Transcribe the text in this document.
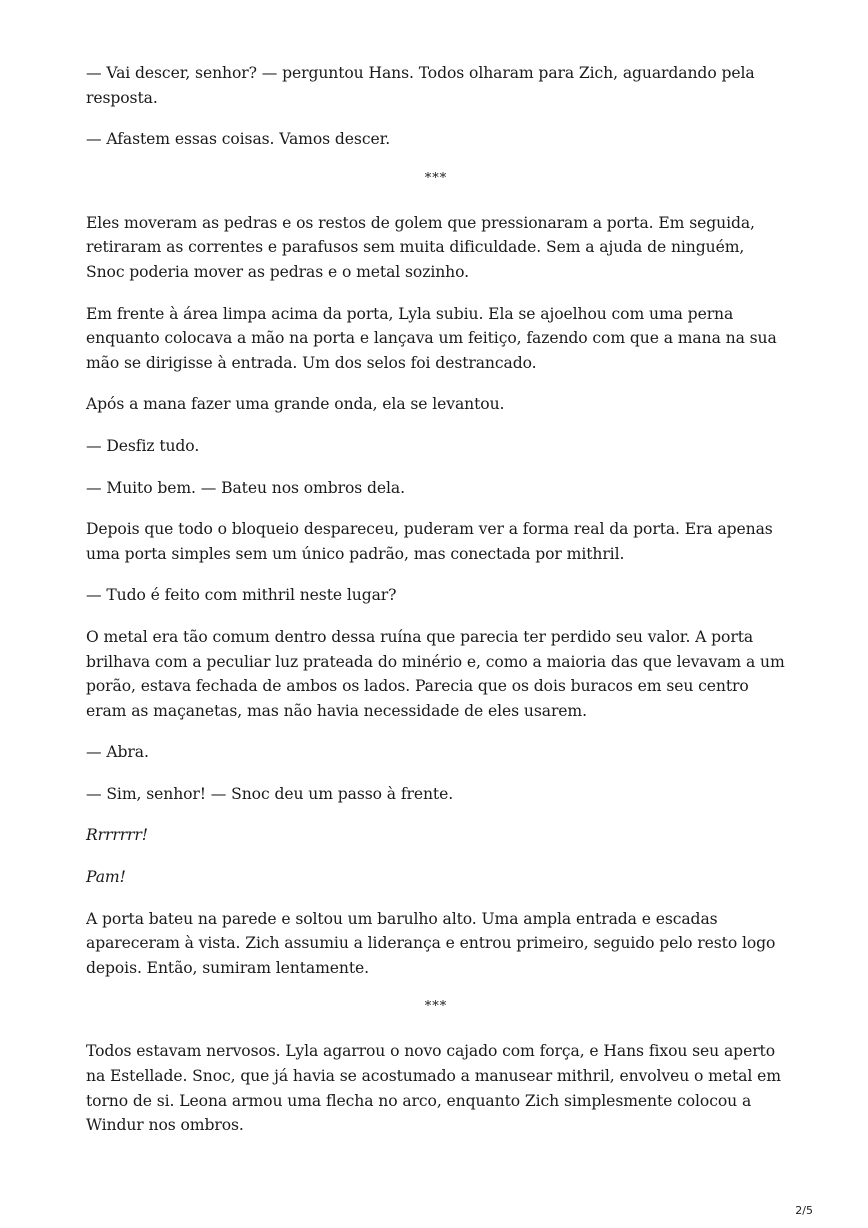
— Vai descer, senhor? — perguntou Hans. Todos olharam para Zich, aguardando pela resposta.

— Afastem essas coisas. Vamos descer.

***

Eles moveram as pedras e os restos de golem que pressionaram a porta. Em seguida, retiraram as correntes e parafusos sem muita dificuldade. Sem a ajuda de ninguém, Snoc poderia mover as pedras e o metal sozinho.

Em frente à área limpa acima da porta, Lyla subiu. Ela se ajoelhou com uma perna enquanto colocava a mão na porta e lançava um feitiço, fazendo com que a mana na sua mão se dirigisse à entrada. Um dos selos foi destrancado.

Após a mana fazer uma grande onda, ela se levantou.

— Desfiz tudo.

— Muito bem. — Bateu nos ombros dela.

Depois que todo o bloqueio despareceu, puderam ver a forma real da porta. Era apenas uma porta simples sem um único padrão, mas conectada por mithril.

— Tudo é feito com mithril neste lugar?

O metal era tão comum dentro dessa ruína que parecia ter perdido seu valor. A porta brilhava com a peculiar luz prateada do minério e, como a maioria das que levavam a um porão, estava fechada de ambos os lados. Parecia que os dois buracos em seu centro eram as maçanetas, mas não havia necessidade de eles usarem.

— Abra.

— Sim, senhor! — Snoc deu um passo à frente.

Rrrrrrr!

Pam!

A porta bateu na parede e soltou um barulho alto. Uma ampla entrada e escadas apareceram à vista. Zich assumiu a liderança e entrou primeiro, seguido pelo resto logo depois. Então, sumiram lentamente.

***

Todos estavam nervosos. Lyla agarrou o novo cajado com força, e Hans fixou seu aperto na Estellade. Snoc, que já havia se acostumado a manusear mithril, envolveu o metal em torno de si. Leona armou uma flecha no arco, enquanto Zich simplesmente colocou a Windur nos ombros.

2/5
